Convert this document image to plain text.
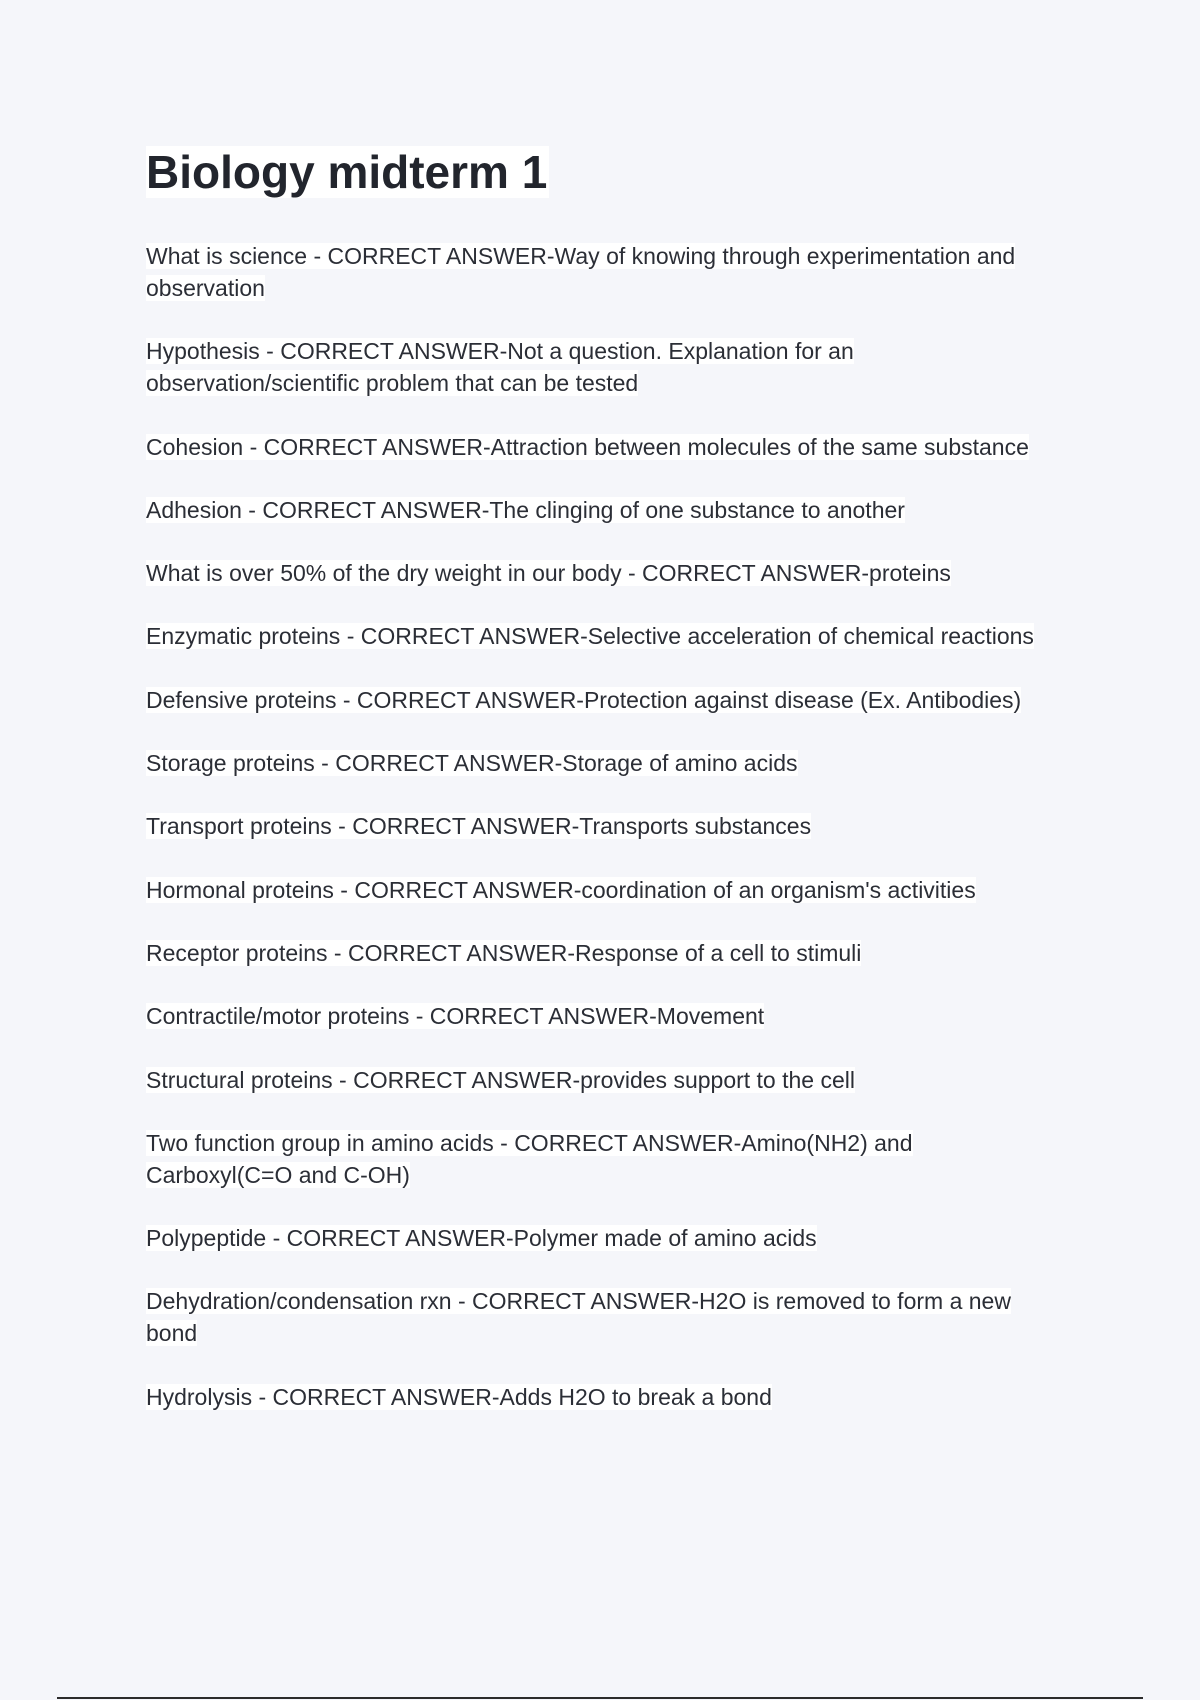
Biology midterm 1
What is science - CORRECT ANSWER-Way of knowing through experimentation and observation
Hypothesis - CORRECT ANSWER-Not a question. Explanation for an observation/scientific problem that can be tested
Cohesion - CORRECT ANSWER-Attraction between molecules of the same substance
Adhesion - CORRECT ANSWER-The clinging of one substance to another
What is over 50% of the dry weight in our body - CORRECT ANSWER-proteins
Enzymatic proteins - CORRECT ANSWER-Selective acceleration of chemical reactions
Defensive proteins - CORRECT ANSWER-Protection against disease (Ex. Antibodies)
Storage proteins - CORRECT ANSWER-Storage of amino acids
Transport proteins - CORRECT ANSWER-Transports substances
Hormonal proteins - CORRECT ANSWER-coordination of an organism's activities
Receptor proteins - CORRECT ANSWER-Response of a cell to stimuli
Contractile/motor proteins - CORRECT ANSWER-Movement
Structural proteins - CORRECT ANSWER-provides support to the cell
Two function group in amino acids - CORRECT ANSWER-Amino(NH2) and Carboxyl(C=O and C-OH)
Polypeptide - CORRECT ANSWER-Polymer made of amino acids
Dehydration/condensation rxn - CORRECT ANSWER-H2O is removed to form a new bond
Hydrolysis - CORRECT ANSWER-Adds H2O to break a bond
